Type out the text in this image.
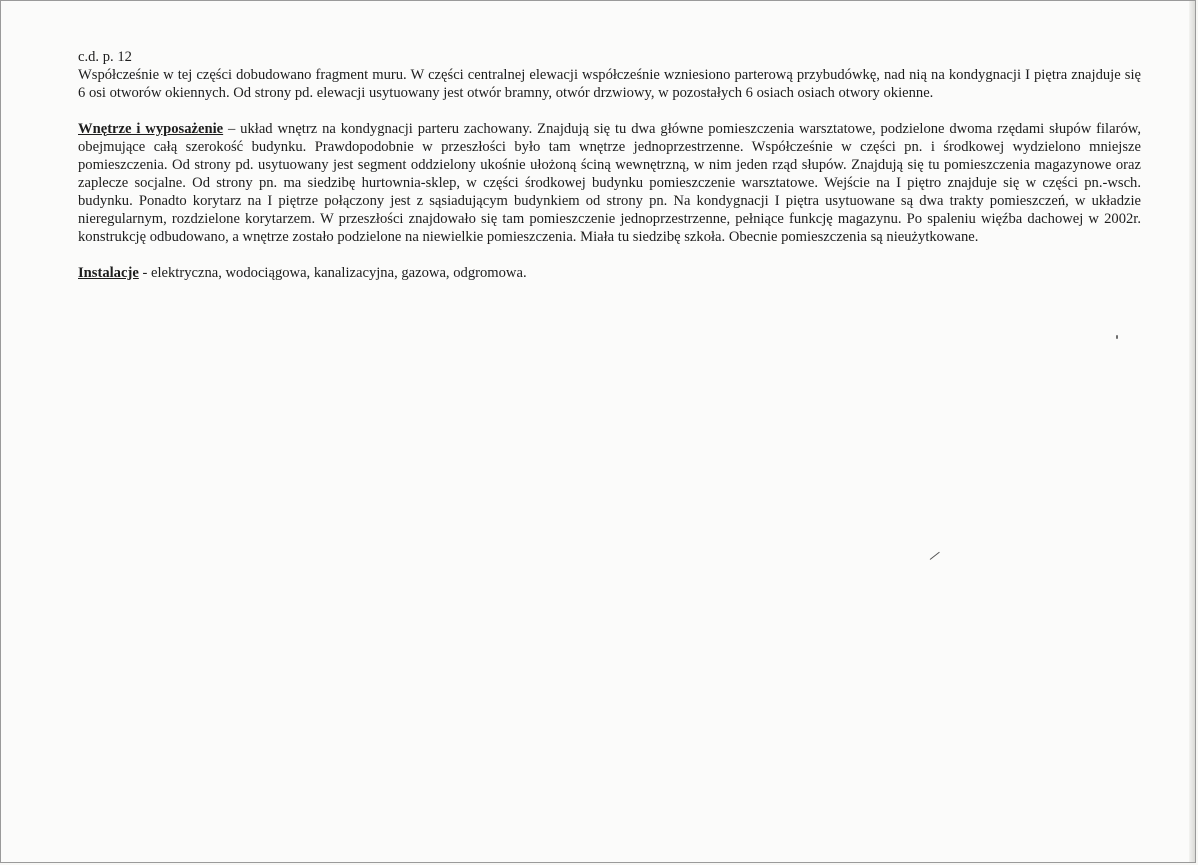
c.d. p. 12

Współcześnie w tej części dobudowano fragment muru. W części centralnej elewacji współcześnie wzniesiono parterową przybudówkę, nad nią na kondygnacji I piętra znajduje się 6 osi otworów okiennych. Od strony pd. elewacji usytuowany jest otwór bramny, otwór drzwiowy, w pozostałych 6 osiach osiach otwory okienne.

Wnętrze i wyposażenie – układ wnętrz na kondygnacji parteru zachowany. Znajdują się tu dwa główne pomieszczenia warsztatowe, podzielone dwoma rzędami słupów filarów, obejmujące całą szerokość budynku. Prawdopodobnie w przeszłości było tam wnętrze jednoprzestrzenne. Współcześnie w części pn. i środkowej wydzielono mniejsze pomieszczenia. Od strony pd. usytuowany jest segment oddzielony ukośnie ułożoną ściną wewnętrzną, w nim jeden rząd słupów. Znajdują się tu pomieszczenia magazynowe oraz zaplecze socjalne. Od strony pn. ma siedzibę hurtownia-sklep, w części środkowej budynku pomieszczenie warsztatowe. Wejście na I piętro znajduje się w części pn.-wsch. budynku. Ponadto korytarz na I piętrze połączony jest z sąsiadującym budynkiem od strony pn. Na kondygnacji I piętra usytuowane są dwa trakty pomieszczeń, w układzie nieregularnym, rozdzielone korytarzem. W przeszłości znajdowało się tam pomieszczenie jednoprzestrzenne, pełniące funkcję magazynu. Po spaleniu więźba dachowej w 2002r. konstrukcję odbudowano, a wnętrze zostało podzielone na niewielkie pomieszczenia. Miała tu siedzibę szkoła. Obecnie pomieszczenia są nieużytkowane.

Instalacje - elektryczna, wodociągowa, kanalizacyjna, gazowa, odgromowa.
